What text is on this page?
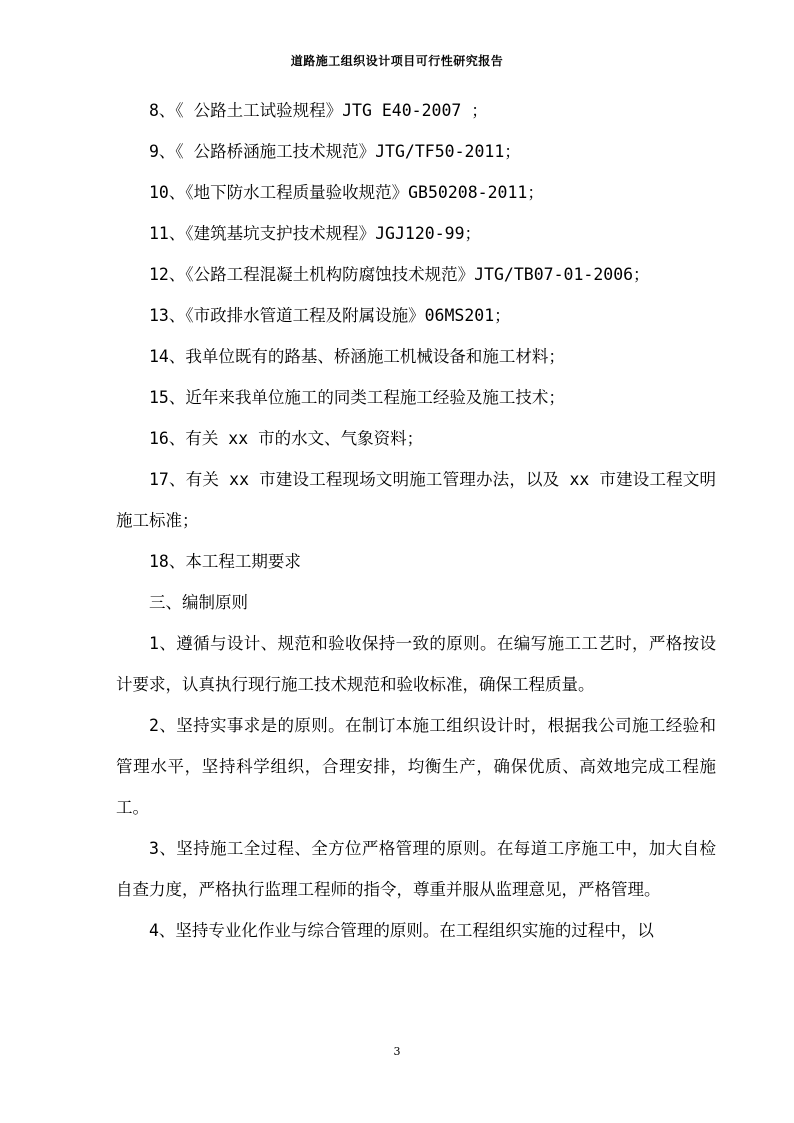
道路施工组织设计项目可行性研究报告

8、《 公路土工试验规程》JTG E40-2007 ；

9、《 公路桥涵施工技术规范》JTG/TF50-2011；

10、《地下防水工程质量验收规范》GB50208-2011；

11、《建筑基坑支护技术规程》JGJ120-99；

12、《公路工程混凝土机构防腐蚀技术规范》JTG/TB07-01-2006；

13、《市政排水管道工程及附属设施》06MS201；

14、我单位既有的路基、桥涵施工机械设备和施工材料；

15、近年来我单位施工的同类工程施工经验及施工技术；

16、有关 xx 市的水文、气象资料；

17、有关 xx 市建设工程现场文明施工管理办法，以及 xx 市建设工程文明施工标准；

18、本工程工期要求

三、编制原则

1、遵循与设计、规范和验收保持一致的原则。在编写施工工艺时，严格按设计要求，认真执行现行施工技术规范和验收标准，确保工程质量。

2、坚持实事求是的原则。在制订本施工组织设计时，根据我公司施工经验和管理水平，坚持科学组织，合理安排，均衡生产，确保优质、高效地完成工程施工。

3、坚持施工全过程、全方位严格管理的原则。在每道工序施工中，加大自检自查力度，严格执行监理工程师的指令，尊重并服从监理意见，严格管理。

4、坚持专业化作业与综合管理的原则。在工程组织实施的过程中，以

3
